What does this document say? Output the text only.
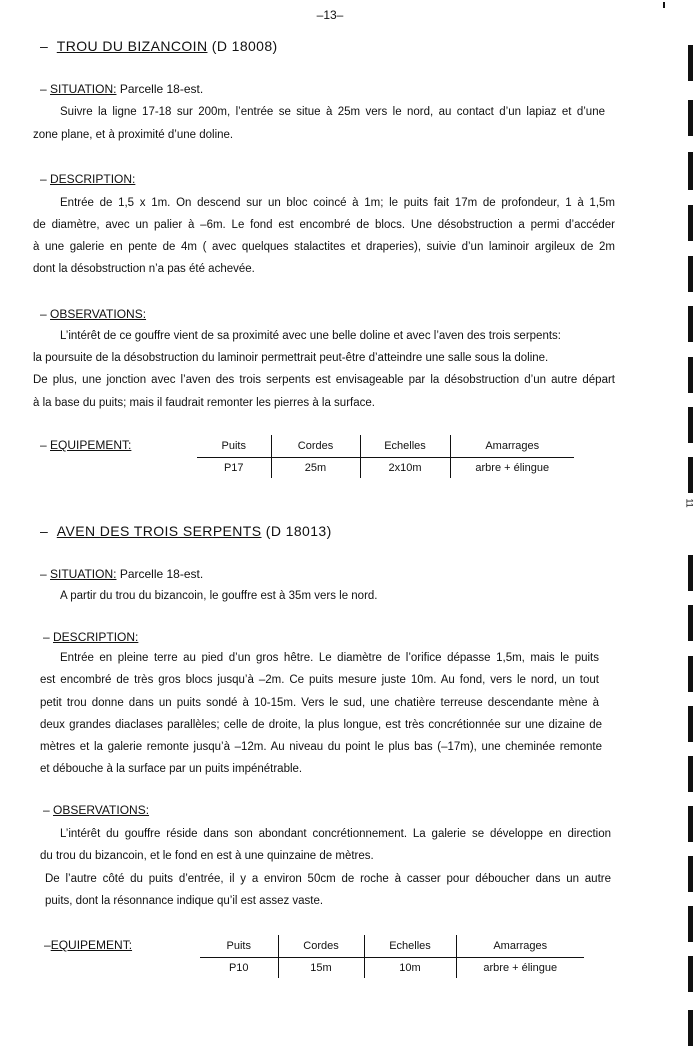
–13–
–  TROU DU BIZANCOIN (D 18008)
– SITUATION: Parcelle 18-est.
Suivre la ligne 17-18 sur 200m, l’entrée se situe à 25m vers le nord, au contact d’un lapiaz et d’une
zone plane, et à proximité d’une doline.
– DESCRIPTION:
Entrée de 1,5 x 1m. On descend sur un bloc coincé à 1m; le puits fait 17m de profondeur, 1 à 1,5m
de diamètre, avec un palier à –6m. Le fond est encombré de blocs. Une désobstruction a permi d’accéder
à une galerie en pente de 4m ( avec quelques stalactites et draperies), suivie d’un laminoir argileux de 2m
dont la désobstruction n’a pas été achevée.
– OBSERVATIONS:
L’intérêt de ce gouffre vient de sa proximité avec une belle doline et avec l’aven des trois serpents:
la poursuite de la désobstruction du laminoir permettrait peut-être d’atteindre une salle sous la doline.
De plus, une jonction avec l’aven des trois serpents est envisageable par la désobstruction d’un autre départ
à la base du puits; mais il faudrait remonter les pierres à la surface.
– EQUIPEMENT:	Puits	Cordes	Echelles	Amarrages
P17	25m	2x10m	arbre + élingue
–  AVEN DES TROIS SERPENTS (D 18013)
– SITUATION: Parcelle 18-est.
A partir du trou du bizancoin, le gouffre est à 35m vers le nord.
– DESCRIPTION:
Entrée en pleine terre au pied d’un gros hêtre. Le diamètre de l’orifice dépasse 1,5m, mais le puits
est encombré de très gros blocs jusqu’à –2m. Ce puits mesure juste 10m. Au fond, vers le nord, un tout
petit trou donne dans un puits sondé à 10-15m. Vers le sud, une chatière terreuse descendante mène à
deux grandes diaclases parallèles; celle de droite, la plus longue, est très concrétionnée sur une dizaine de
mètres et la galerie remonte jusqu’à –12m. Au niveau du point le plus bas (–17m), une cheminée remonte
et débouche à la surface par un puits impénétrable.
– OBSERVATIONS:
L’intérêt du gouffre réside dans son abondant concrétionnement. La galerie se développe en direction
du trou du bizancoin, et le fond en est à une quinzaine de mètres.
De l’autre côté du puits d’entrée, il y a environ 50cm de roche à casser pour déboucher dans un autre
puits, dont la résonnance indique qu’il est assez vaste.
–EQUIPEMENT:	Puits	Cordes	Echelles	Amarrages
P10	15m	10m	arbre + élingue
11
